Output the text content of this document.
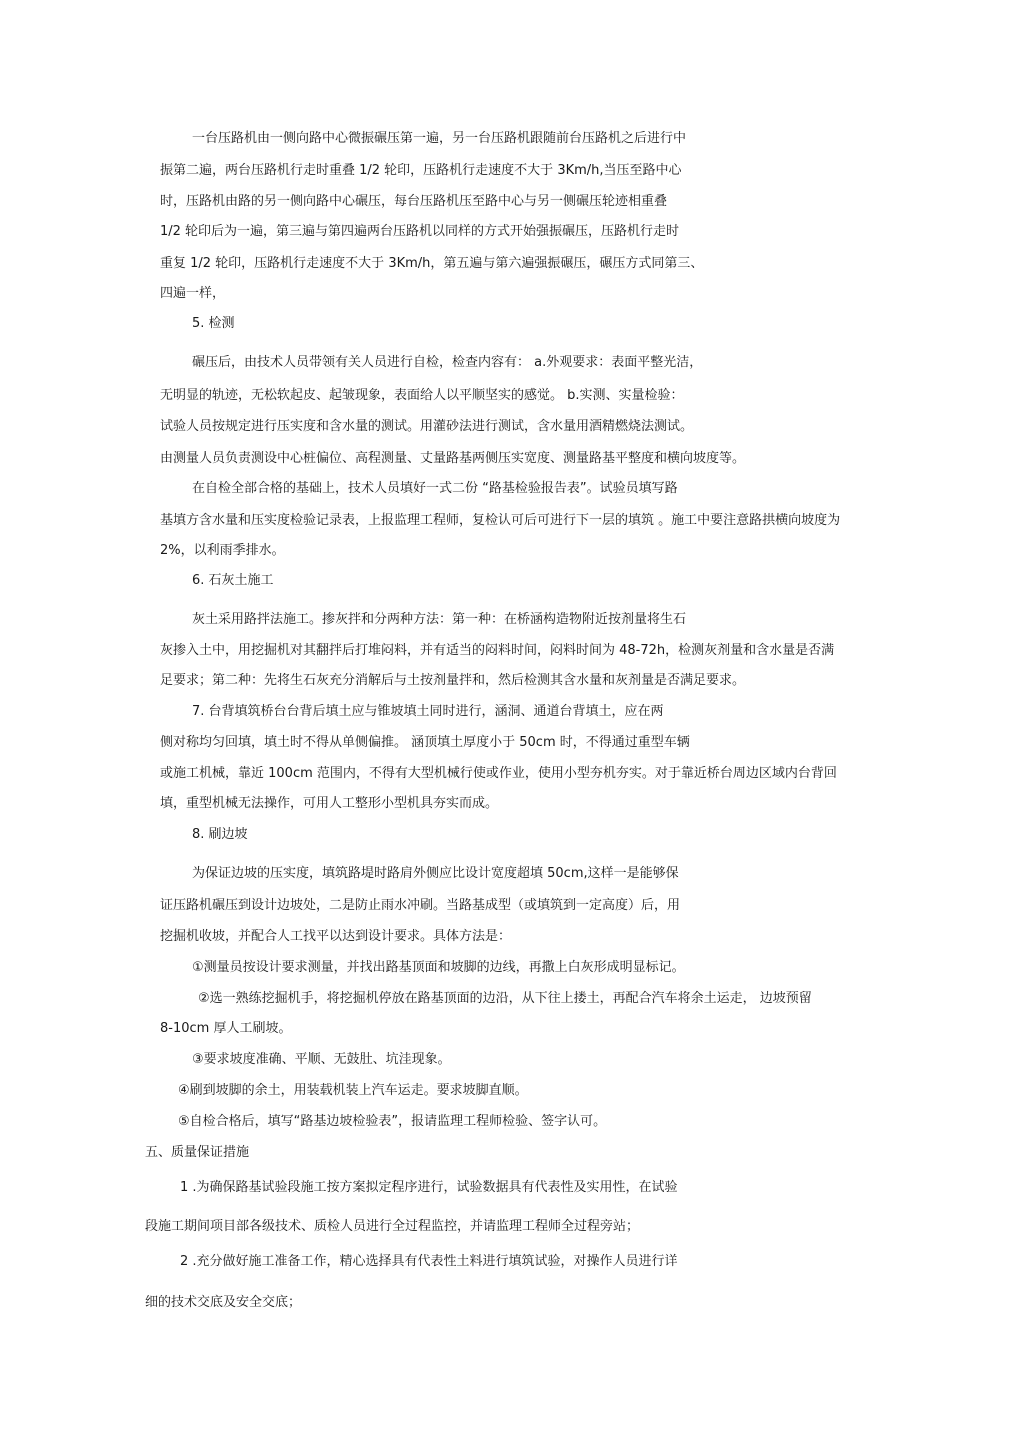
一台压路机由一侧向路中心微振碾压第一遍，另一台压路机跟随前台压路机之后进行中
振第二遍，两台压路机行走时重叠 1/2 轮印，压路机行走速度不大于 3Km/h,当压至路中心
时，压路机由路的另一侧向路中心碾压，每台压路机压至路中心与另一侧碾压轮迹相重叠
1/2 轮印后为一遍，第三遍与第四遍两台压路机以同样的方式开始强振碾压，压路机行走时
重复 1/2 轮印，压路机行走速度不大于 3Km/h，第五遍与第六遍强振碾压，碾压方式同第三、
四遍一样，
5. 检测
碾压后，由技术人员带领有关人员进行自检，检查内容有： a.外观要求：表面平整光洁，
无明显的轨迹，无松软起皮、起皱现象，表面给人以平顺坚实的感觉。 b.实测、实量检验：
试验人员按规定进行压实度和含水量的测试。用灌砂法进行测试，含水量用酒精燃烧法测试。
由测量人员负责测设中心桩偏位、高程测量、丈量路基两侧压实宽度、测量路基平整度和横向坡度等。
在自检全部合格的基础上，技术人员填好一式二份 “路基检验报告表”。试验员填写路
基填方含水量和压实度检验记录表，上报监理工程师，复检认可后可进行下一层的填筑 。施工中要注意路拱横向坡度为
2%，以利雨季排水。
6. 石灰土施工
灰土采用路拌法施工。掺灰拌和分两种方法：第一种：在桥涵构造物附近按剂量将生石
灰掺入土中，用挖掘机对其翻拌后打堆闷料，并有适当的闷料时间，闷料时间为 48-72h，检测灰剂量和含水量是否满
足要求；第二种：先将生石灰充分消解后与土按剂量拌和，然后检测其含水量和灰剂量是否满足要求。
7. 台背填筑桥台台背后填土应与锥坡填土同时进行，涵洞、通道台背填土，应在两
侧对称均匀回填，填土时不得从单侧偏推。 涵顶填土厚度小于 50cm 时，不得通过重型车辆
或施工机械，靠近 100cm 范围内，不得有大型机械行使或作业，使用小型夯机夯实。对于靠近桥台周边区域内台背回
填，重型机械无法操作，可用人工整形小型机具夯实而成。
8. 刷边坡
为保证边坡的压实度，填筑路堤时路肩外侧应比设计宽度超填 50cm,这样一是能够保
证压路机碾压到设计边坡处，二是防止雨水冲刷。当路基成型（或填筑到一定高度）后，用
挖掘机收坡，并配合人工找平以达到设计要求。具体方法是：
①测量员按设计要求测量，并找出路基顶面和坡脚的边线，再撒上白灰形成明显标记。
②选一熟练挖掘机手，将挖掘机停放在路基顶面的边沿，从下往上搂土，再配合汽车将余土运走， 边坡预留
8-10cm 厚人工刷坡。
③要求坡度准确、平顺、无鼓肚、坑洼现象。
④刷到坡脚的余土，用装载机装上汽车运走。要求坡脚直顺。
⑤自检合格后，填写“路基边坡检验表”，报请监理工程师检验、签字认可。
五、质量保证措施
1 .为确保路基试验段施工按方案拟定程序进行，试验数据具有代表性及实用性，在试验
段施工期间项目部各级技术、质检人员进行全过程监控，并请监理工程师全过程旁站；
2 .充分做好施工准备工作，精心选择具有代表性土料进行填筑试验，对操作人员进行详
细的技术交底及安全交底；
